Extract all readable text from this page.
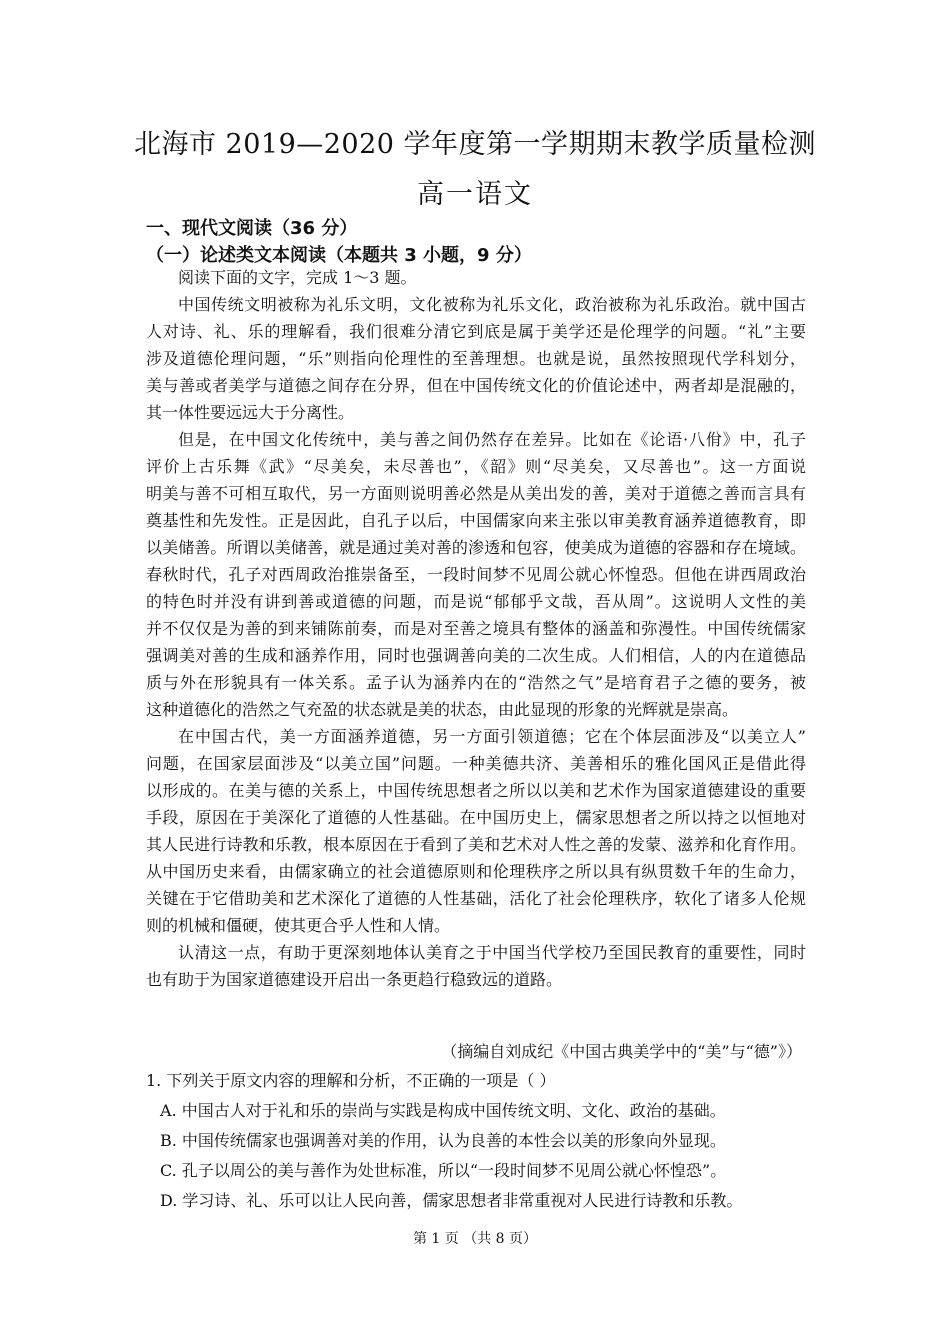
北海市 2019—2020 学年度第一学期期末教学质量检测
高一语文
一、现代文阅读（36 分）
（一）论述类文本阅读（本题共 3 小题，9 分）
阅读下面的文字，完成 1～3 题。
中国传统文明被称为礼乐文明，文化被称为礼乐文化，政治被称为礼乐政治。就中国古
人对诗、礼、乐的理解看，我们很难分清它到底是属于美学还是伦理学的问题。“礼”主要
涉及道德伦理问题，“乐”则指向伦理性的至善理想。也就是说，虽然按照现代学科划分，
美与善或者美学与道德之间存在分界，但在中国传统文化的价值论述中，两者却是混融的，
其一体性要远远大于分离性。
但是，在中国文化传统中，美与善之间仍然存在差异。比如在《论语·八佾》中，孔子
评价上古乐舞《武》“尽美矣，未尽善也”，《韶》则“尽美矣，又尽善也”。这一方面说
明美与善不可相互取代，另一方面则说明善必然是从美出发的善，美对于道德之善而言具有
奠基性和先发性。正是因此，自孔子以后，中国儒家向来主张以审美教育涵养道德教育，即
以美储善。所谓以美储善，就是通过美对善的渗透和包容，使美成为道德的容器和存在境域。
春秋时代，孔子对西周政治推崇备至，一段时间梦不见周公就心怀惶恐。但他在讲西周政治
的特色时并没有讲到善或道德的问题，而是说“郁郁乎文哉，吾从周”。这说明人文性的美
并不仅仅是为善的到来铺陈前奏，而是对至善之境具有整体的涵盖和弥漫性。中国传统儒家
强调美对善的生成和涵养作用，同时也强调善向美的二次生成。人们相信，人的内在道德品
质与外在形貌具有一体关系。孟子认为涵养内在的“浩然之气”是培育君子之德的要务，被
这种道德化的浩然之气充盈的状态就是美的状态，由此显现的形象的光辉就是崇高。
在中国古代，美一方面涵养道德，另一方面引领道德；它在个体层面涉及“以美立人”
问题，在国家层面涉及“以美立国”问题。一种美德共济、美善相乐的雅化国风正是借此得
以形成的。在美与德的关系上，中国传统思想者之所以以美和艺术作为国家道德建设的重要
手段，原因在于美深化了道德的人性基础。在中国历史上，儒家思想者之所以持之以恒地对
其人民进行诗教和乐教，根本原因在于看到了美和艺术对人性之善的发蒙、滋养和化育作用。
从中国历史来看，由儒家确立的社会道德原则和伦理秩序之所以具有纵贯数千年的生命力，
关键在于它借助美和艺术深化了道德的人性基础，活化了社会伦理秩序，软化了诸多人伦规
则的机械和僵硬，使其更合乎人性和人情。
认清这一点，有助于更深刻地体认美育之于中国当代学校乃至国民教育的重要性，同时
也有助于为国家道德建设开启出一条更趋行稳致远的道路。
（摘编自刘成纪《中国古典美学中的“美”与“德”》）
1. 下列关于原文内容的理解和分析，不正确的一项是（ ）
A. 中国古人对于礼和乐的崇尚与实践是构成中国传统文明、文化、政治的基础。
B. 中国传统儒家也强调善对美的作用，认为良善的本性会以美的形象向外显现。
C. 孔子以周公的美与善作为处世标准，所以“一段时间梦不见周公就心怀惶恐”。
D. 学习诗、礼、乐可以让人民向善，儒家思想者非常重视对人民进行诗教和乐教。
第 1 页 （共 8 页）
